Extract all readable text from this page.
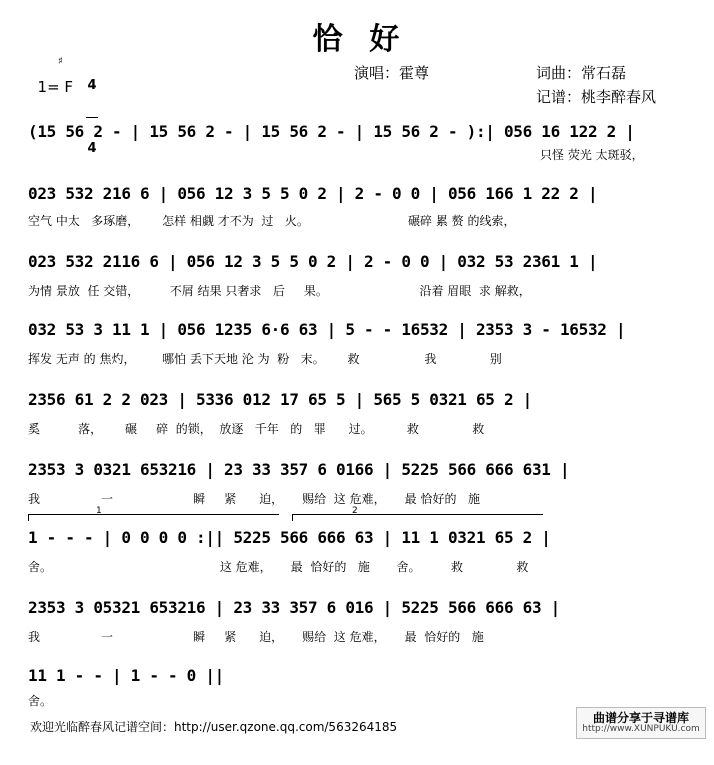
恰  好

1= F

♯

4

4

演唱：霍尊	词曲：常石磊
记谱：桃李醉春风
(15 56 2 - | 15 56 2 - | 15 56 2 - | 15 56 2 - ):| 056 16 122 2 |
只怪 荧光 太斑驳，
023 532 216 6 | 056 12 3 5 5 0 2 | 2 - 0 0 | 056 166 1 22 2 |
空气 中太   多琢磨，      怎样 相觑 才不为  过   火。                          碾碎 累 赘 的线索，
023 532 2116 6 | 056 12 3 5 5 0 2 | 2 - 0 0 | 032 53 2361 1 |
为情 景放  任 交错，        不屑 结果 只奢求   后     果。                        沿着 眉眼  求 解救，
032 53 3 11 1 | 056 1235 6·6 63 | 5 - - 16532 | 2353 3 - 16532 |
挥发 无声 的 焦灼，       哪怕 丢下天地 沦 为  粉   末。      救                 我              别
2356 61 2 2 023 | 5336 012 17 65 5 | 565 5 0321 65 2 |
奚          落，      碾     碎  的锁，  放逐   千年   的   罪      过。         救              救
2353 3 0321 653216 | 23 33 357 6 0166 | 5225 566 666 631 |
我                一                     瞬     紧      迫，     赐给  这 危难，     最 恰好的   施
1	2
1 - - - | 0 0 0 0 :|| 5225 566 666 63 | 11 1 0321 65 2 |
舍。                                            这 危难，     最  恰好的   施       舍。        救              救
2353 3 05321 653216 | 23 33 357 6 016 | 5225 566 666 63 |
我                一                     瞬     紧      迫，     赐给  这 危难，     最  恰好的   施
11 1 - - | 1 - - 0 ||
舍。
欢迎光临醉春风记谱空间：http://user.qzone.qq.com/563264185

曲谱分享于寻谱库

http://www.XUNPUKU.com
